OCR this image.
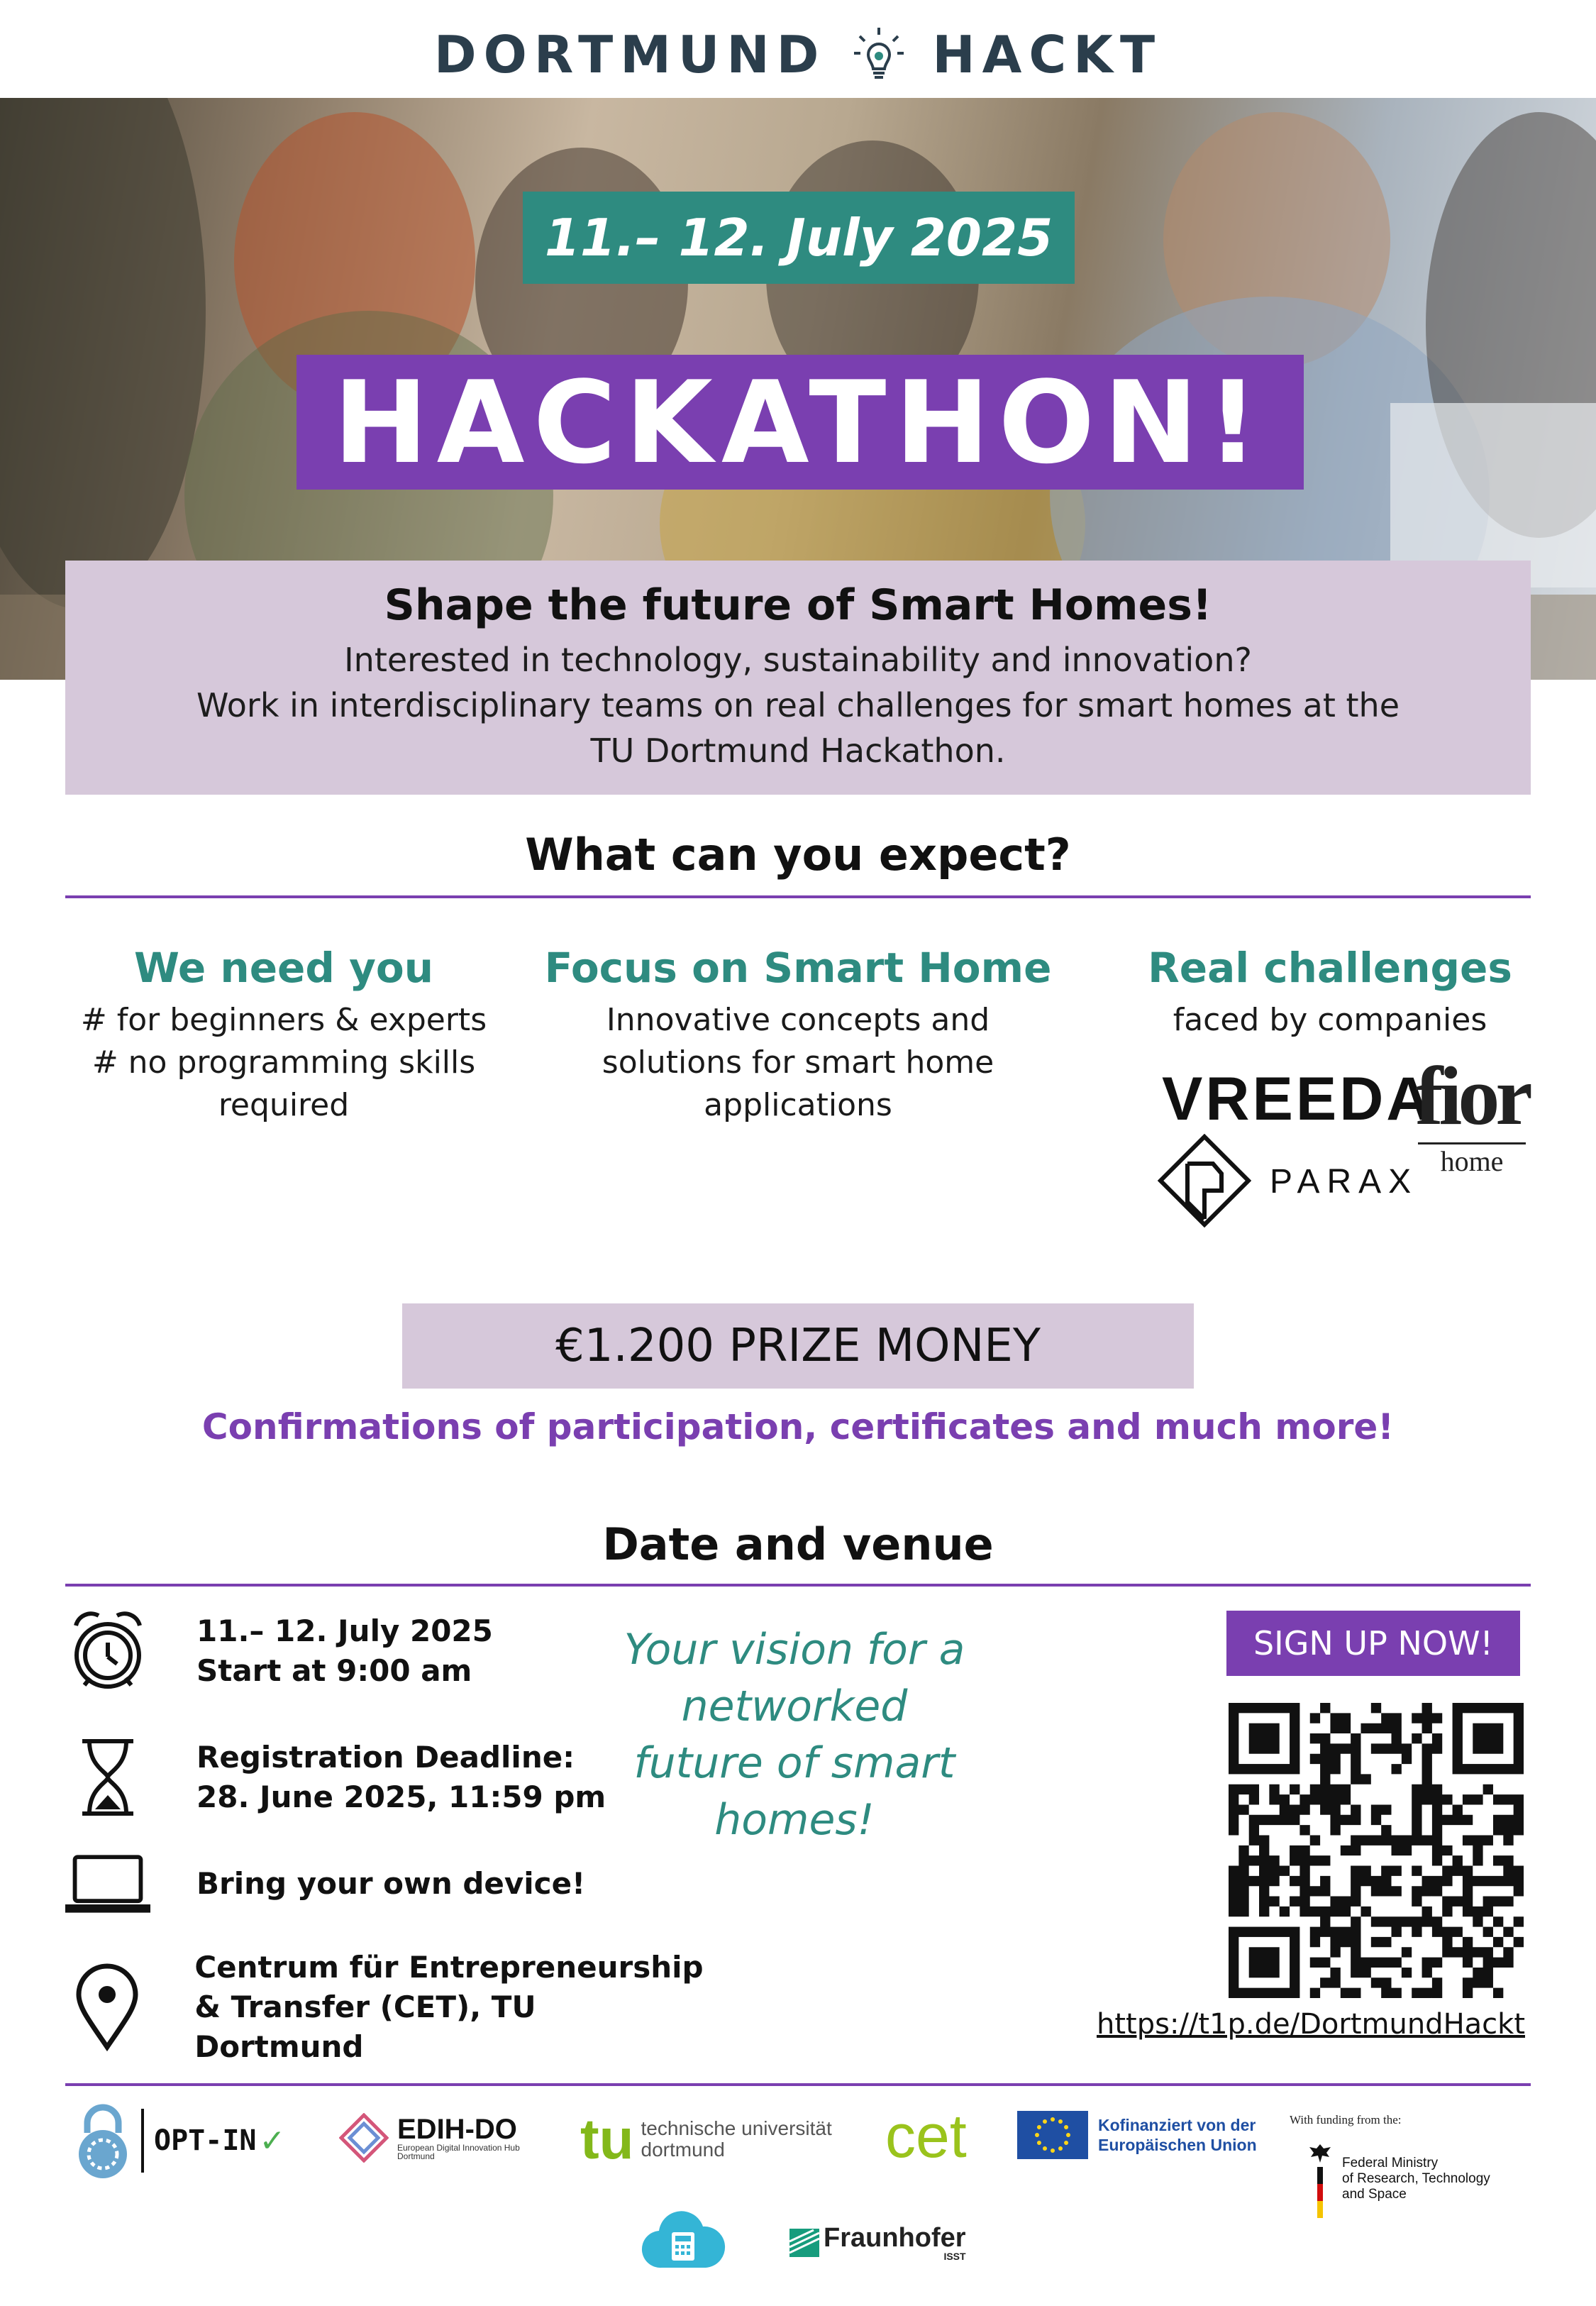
DORTMUND HACKT
11.– 12. July 2025
HACKATHON!
Shape the future of Smart Homes!
Interested in technology, sustainability and innovation?
Work in interdisciplinary teams on real challenges for smart homes at the
TU Dortmund Hackathon.
What can you expect?
We need you

# for beginners & experts
# no programming skills
required

Focus on Smart Home

Innovative concepts and
solutions for smart home
applications

Real challenges

faced by companies

VREEDA
PARAX
fior
home
€1.200 PRIZE MONEY
Confirmations of participation, certificates and much more!
Date and venue
11.– 12. July 2025
Start at 9:00 am
Registration Deadline:
28. June 2025, 11:59 pm
Bring your own device!
Centrum für Entrepreneurship
& Transfer (CET), TU Dortmund
Your vision for a
networked
future of smart
homes!
SIGN UP NOW!
https://t1p.de/DortmundHackt
OPT-IN ✓	EDIH-DO
European Digital Innovation Hub
Dortmund	tu technische universität
dortmund	cet	Kofinanziert von der
Europäischen Union
With funding from the:
Federal Ministry
of Research, Technology
and Space
Fraunhofer
ISST
